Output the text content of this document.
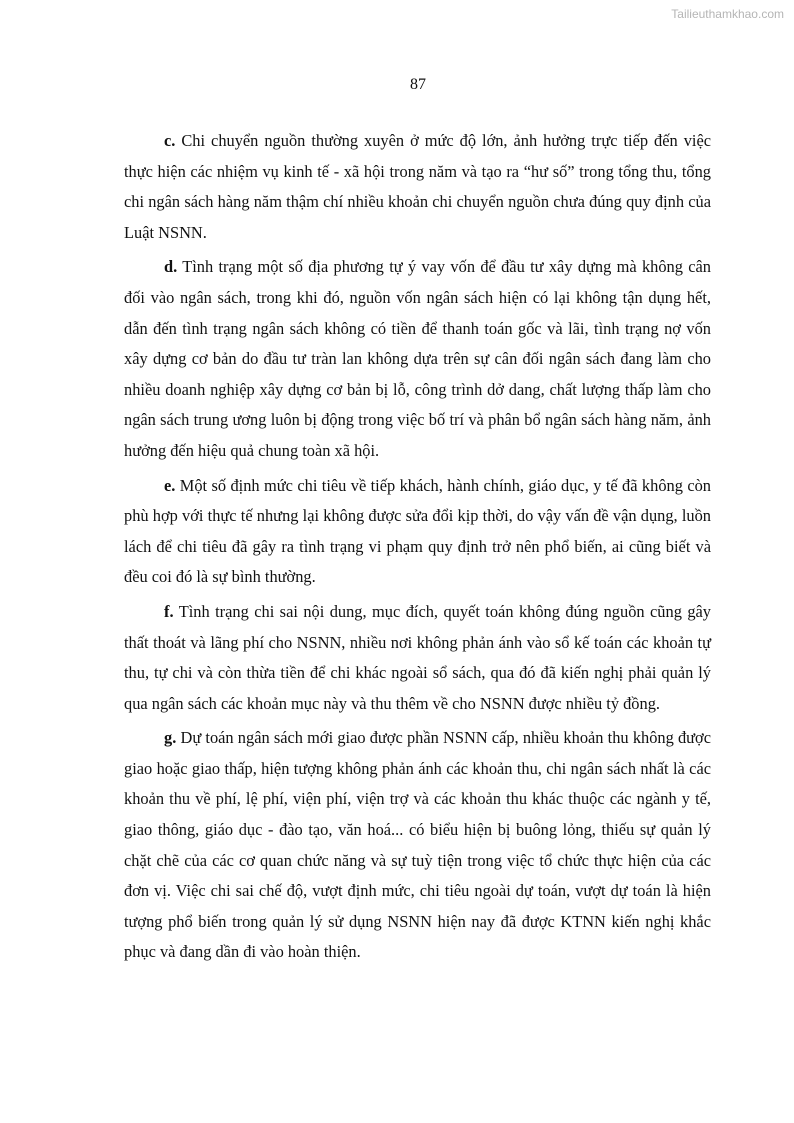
Tailieuthamkhao.com
87

c. Chi chuyển nguồn thường xuyên ở mức độ lớn, ảnh hưởng trực tiếp đến việc thực hiện các nhiệm vụ kinh tế - xã hội trong năm và tạo ra “hư số” trong tổng thu, tổng chi ngân sách hàng năm thậm chí nhiều khoản chi chuyển nguồn chưa đúng quy định của Luật NSNN.

d. Tình trạng một số địa phương tự ý vay vốn để đầu tư xây dựng mà không cân đối vào ngân sách, trong khi đó, nguồn vốn ngân sách hiện có lại không tận dụng hết, dẫn đến tình trạng ngân sách không có tiền để thanh toán gốc và lãi, tình trạng nợ vốn xây dựng cơ bản do đầu tư tràn lan không dựa trên sự cân đối ngân sách đang làm cho nhiều doanh nghiệp xây dựng cơ bản bị lỗ, công trình dở dang, chất lượng thấp làm cho ngân sách trung ương luôn bị động trong việc bố trí và phân bổ ngân sách hàng năm, ảnh hưởng đến hiệu quả chung toàn xã hội.

e. Một số định mức chi tiêu về tiếp khách, hành chính, giáo dục, y tế đã không còn phù hợp với thực tế nhưng lại không được sửa đổi kịp thời, do vậy vấn đề vận dụng, luồn lách để chi tiêu đã gây ra tình trạng vi phạm quy định trở nên phổ biến, ai cũng biết và đều coi đó là sự bình thường.

f. Tình trạng chi sai nội dung, mục đích, quyết toán không đúng nguồn cũng gây thất thoát và lãng phí cho NSNN, nhiều nơi không phản ánh vào sổ kế toán các khoản tự thu, tự chi và còn thừa tiền để chi khác ngoài sổ sách, qua đó đã kiến nghị phải quản lý qua ngân sách các khoản mục này và thu thêm về cho NSNN được nhiều tỷ đồng.

g. Dự toán ngân sách mới giao được phần NSNN cấp, nhiều khoản thu không được giao hoặc giao thấp, hiện tượng không phản ánh các khoản thu, chi ngân sách nhất là các khoản thu về phí, lệ phí, viện phí, viện trợ và các khoản thu khác thuộc các ngành y tế, giao thông, giáo dục - đào tạo, văn hoá... có biểu hiện bị buông lỏng, thiếu sự quản lý chặt chẽ của các cơ quan chức năng và sự tuỳ tiện trong việc tổ chức thực hiện của các đơn vị. Việc chi sai chế độ, vượt định mức, chi tiêu ngoài dự toán, vượt dự toán là hiện tượng phổ biến trong quản lý sử dụng NSNN hiện nay đã được KTNN kiến nghị khắc phục và đang dần đi vào hoàn thiện.
